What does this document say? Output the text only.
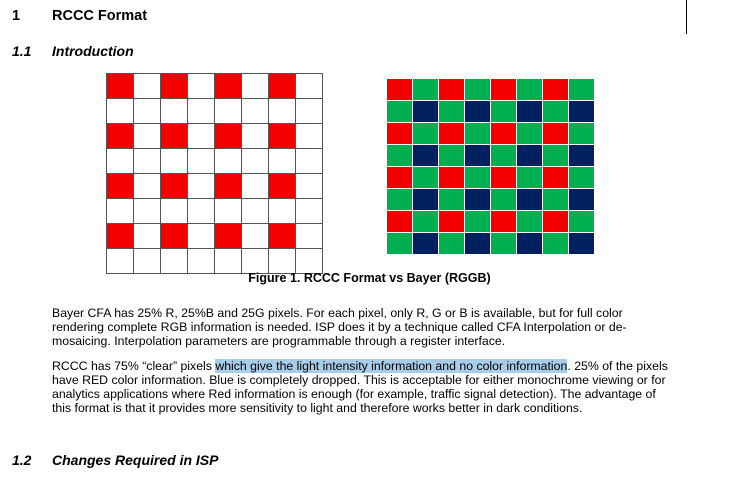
1 RCCC Format
1.1 Introduction
Figure 1. RCCC Format vs Bayer (RGGB)

Bayer CFA has 25% R, 25%B and 25G pixels. For each pixel, only R, G or B is available, but for full color rendering complete RGB information is needed. ISP does it by a technique called CFA Interpolation or de-mosaicing. Interpolation parameters are programmable through a register interface.

RCCC has 75% “clear” pixels which give the light intensity information and no color information. 25% of the pixels have RED color information. Blue is completely dropped. This is acceptable for either monochrome viewing or for analytics applications where Red information is enough (for example, traffic signal detection). The advantage of this format is that it provides more sensitivity to light and therefore works better in dark conditions.

1.2 Changes Required in ISP
